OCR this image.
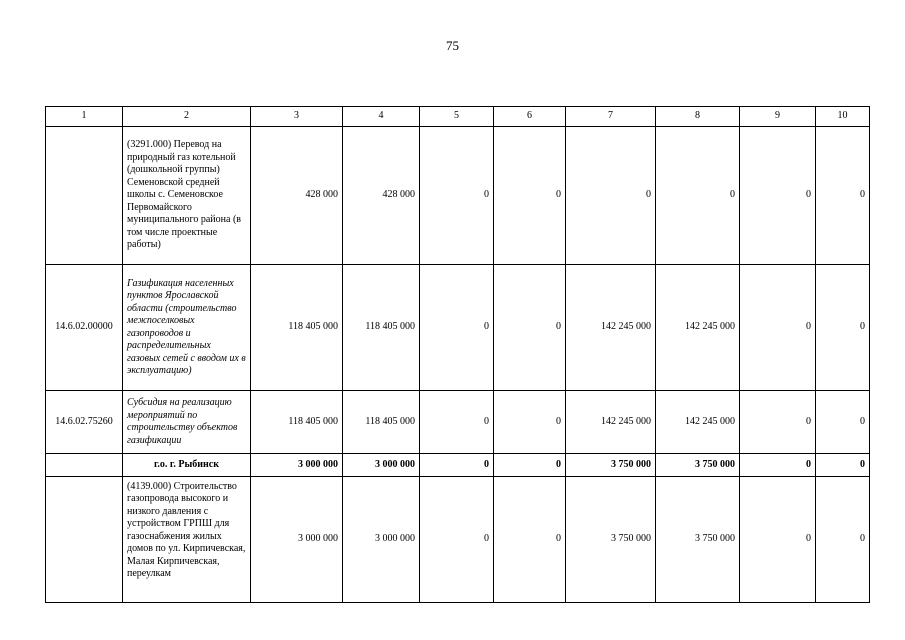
75
1	2	3	4	5	6	7	8	9	10
	(3291.000) Перевод на природный газ котельной (дошкольной группы) Семеновской средней школы с. Семеновское Первомайского муниципального района (в том числе проектные работы)	428 000	428 000	0	0	0	0	0	0
14.6.02.00000	Газификация населенных пунктов Ярославской области (строительство межпоселковых газопроводов и распределительных газовых сетей с вводом их в эксплуатацию)	118 405 000	118 405 000	0	0	142 245 000	142 245 000	0	0
14.6.02.75260	Субсидия на реализацию мероприятий по строительству объектов газификации	118 405 000	118 405 000	0	0	142 245 000	142 245 000	0	0
	г.о. г. Рыбинск	3 000 000	3 000 000	0	0	3 750 000	3 750 000	0	0

	(4139.000) Строительство газопровода высокого и низкого давления с устройством ГРПШ для газоснабжения жилых домов по ул. Кирпичевская, Малая Кирпичевская, переулкам	3 000 000	3 000 000	0	0	3 750 000	3 750 000	0	0
